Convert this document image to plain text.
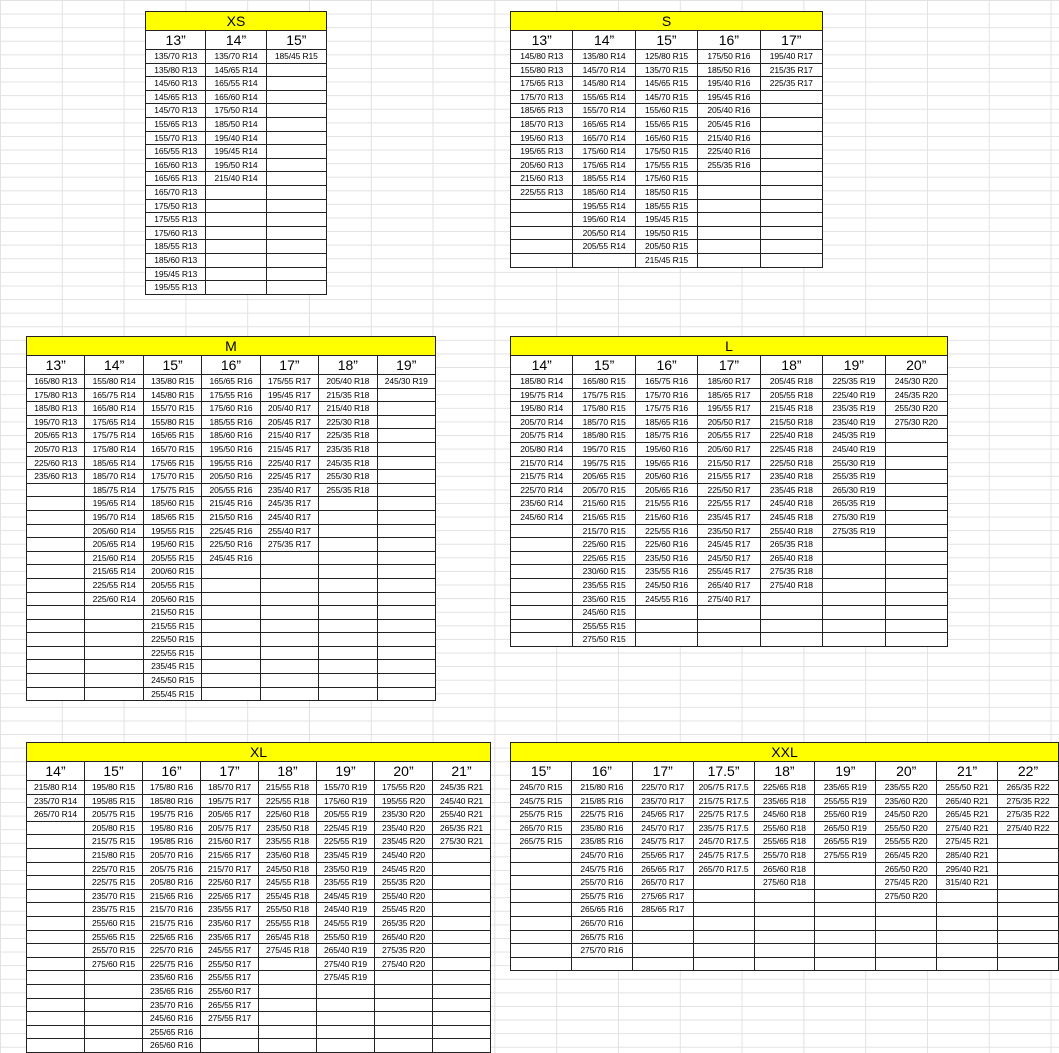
XS		
13”	14”	15”
135/70 R13	135/70 R14	185/45 R15
135/80 R13	145/65 R14	
145/60 R13	165/55 R14	
145/65 R13	165/60 R14	
145/70 R13	175/50 R14	
155/65 R13	185/50 R14	
155/70 R13	195/40 R14	
165/55 R13	195/45 R14	
165/60 R13	195/50 R14	
165/65 R13	215/40 R14	
165/70 R13		
175/50 R13		
175/55 R13		
175/60 R13		
185/55 R13		
185/60 R13		
195/45 R13		
195/55 R13		
S				
13”	14”	15”	16”	17”
145/80 R13	135/80 R14	125/80 R15	175/50 R16	195/40 R17
155/80 R13	145/70 R14	135/70 R15	185/50 R16	215/35 R17
175/65 R13	145/80 R14	145/65 R15	195/40 R16	225/35 R17
175/70 R13	155/65 R14	145/70 R15	195/45 R16	
185/65 R13	155/70 R14	155/60 R15	205/40 R16	
185/70 R13	165/65 R14	155/65 R15	205/45 R16	
195/60 R13	165/70 R14	165/60 R15	215/40 R16	
195/65 R13	175/60 R14	175/50 R15	225/40 R16	
205/60 R13	175/65 R14	175/55 R15	255/35 R16	
215/60 R13	185/55 R14	175/60 R15		
225/55 R13	185/60 R14	185/50 R15		
	195/55 R14	185/55 R15		
	195/60 R14	195/45 R15		
	205/50 R14	195/50 R15		
	205/55 R14	205/50 R15		
		215/45 R15		
M						
13”	14”	15”	16”	17”	18”	19”
165/80 R13	155/80 R14	135/80 R15	165/65 R16	175/55 R17	205/40 R18	245/30 R19
175/80 R13	165/75 R14	145/80 R15	175/55 R16	195/45 R17	215/35 R18	
185/80 R13	165/80 R14	155/70 R15	175/60 R16	205/40 R17	215/40 R18	
195/70 R13	175/65 R14	155/80 R15	185/55 R16	205/45 R17	225/30 R18	
205/65 R13	175/75 R14	165/65 R15	185/60 R16	215/40 R17	225/35 R18	
205/70 R13	175/80 R14	165/70 R15	195/50 R16	215/45 R17	235/35 R18	
225/60 R13	185/65 R14	175/65 R15	195/55 R16	225/40 R17	245/35 R18	
235/60 R13	185/70 R14	175/70 R15	205/50 R16	225/45 R17	255/30 R18	
	185/75 R14	175/75 R15	205/55 R16	235/40 R17	255/35 R18	
	195/65 R14	185/60 R15	215/45 R16	245/35 R17		
	195/70 R14	185/65 R15	215/50 R16	245/40 R17		
	205/60 R14	195/55 R15	225/45 R16	255/40 R17		
	205/65 R14	195/60 R15	225/50 R16	275/35 R17		
	215/60 R14	205/55 R15	245/45 R16			
	215/65 R14	200/60 R15				
	225/55 R14	205/55 R15				
	225/60 R14	205/60 R15				
		215/50 R15				
		215/55 R15				
		225/50 R15				
		225/55 R15				
		235/45 R15				
		245/50 R15				
		255/45 R15				
L						
14”	15”	16”	17”	18”	19”	20”
185/80 R14	165/80 R15	165/75 R16	185/60 R17	205/45 R18	225/35 R19	245/30 R20
195/75 R14	175/75 R15	175/70 R16	185/65 R17	205/55 R18	225/40 R19	245/35 R20
195/80 R14	175/80 R15	175/75 R16	195/55 R17	215/45 R18	235/35 R19	255/30 R20
205/70 R14	185/70 R15	185/65 R16	205/50 R17	215/50 R18	235/40 R19	275/30 R20
205/75 R14	185/80 R15	185/75 R16	205/55 R17	225/40 R18	245/35 R19	
205/80 R14	195/70 R15	195/60 R16	205/60 R17	225/45 R18	245/40 R19	
215/70 R14	195/75 R15	195/65 R16	215/50 R17	225/50 R18	255/30 R19	
215/75 R14	205/65 R15	205/60 R16	215/55 R17	235/40 R18	255/35 R19	
225/70 R14	205/70 R15	205/65 R16	225/50 R17	235/45 R18	265/30 R19	
235/60 R14	215/60 R15	215/55 R16	225/55 R17	245/40 R18	265/35 R19	
245/60 R14	215/65 R15	215/60 R16	235/45 R17	245/45 R18	275/30 R19	
	215/70 R15	225/55 R16	235/50 R17	255/40 R18	275/35 R19	
	225/60 R15	225/60 R16	245/45 R17	265/35 R18		
	225/65 R15	235/50 R16	245/50 R17	265/40 R18		
	230/60 R15	235/55 R16	255/45 R17	275/35 R18		
	235/55 R15	245/50 R16	265/40 R17	275/40 R18		
	235/60 R15	245/55 R16	275/40 R17			
	245/60 R15					
	255/55 R15					
	275/50 R15					
XL							
14”	15”	16”	17”	18”	19”	20”	21”
215/80 R14	195/80 R15	175/80 R16	185/70 R17	215/55 R18	155/70 R19	175/55 R20	245/35 R21
235/70 R14	195/85 R15	185/80 R16	195/75 R17	225/55 R18	175/60 R19	195/55 R20	245/40 R21
265/70 R14	205/75 R15	195/75 R16	205/65 R17	225/60 R18	205/55 R19	235/30 R20	255/40 R21
	205/80 R15	195/80 R16	205/75 R17	235/50 R18	225/45 R19	235/40 R20	265/35 R21
	215/75 R15	195/85 R16	215/60 R17	235/55 R18	225/55 R19	235/45 R20	275/30 R21
	215/80 R15	205/70 R16	215/65 R17	235/60 R18	235/45 R19	245/40 R20	
	225/70 R15	205/75 R16	215/70 R17	245/50 R18	235/50 R19	245/45 R20	
	225/75 R15	205/80 R16	225/60 R17	245/55 R18	235/55 R19	255/35 R20	
	235/70 R15	215/65 R16	225/65 R17	255/45 R18	245/45 R19	255/40 R20	
	235/75 R15	215/70 R16	235/55 R17	255/50 R18	245/40 R19	255/45 R20	
	255/60 R15	215/75 R16	235/60 R17	255/55 R18	245/55 R19	265/35 R20	
	255/65 R15	225/65 R16	235/65 R17	265/45 R18	255/50 R19	265/40 R20	
	255/70 R15	225/70 R16	245/55 R17	275/45 R18	265/40 R19	275/35 R20	
	275/60 R15	225/75 R16	255/50 R17		275/40 R19	275/40 R20	
		235/60 R16	255/55 R17		275/45 R19		
		235/65 R16	255/60 R17				
		235/70 R16	265/55 R17				
		245/60 R16	275/55 R17				
		255/65 R16					
		265/60 R16					
XXL								
15”	16”	17”	17.5”	18”	19”	20”	21”	22”
245/70 R15	215/80 R16	225/70 R17	205/75 R17.5	225/65 R18	235/65 R19	235/55 R20	255/50 R21	265/35 R22
245/75 R15	215/85 R16	235/70 R17	215/75 R17.5	235/65 R18	255/55 R19	235/60 R20	265/40 R21	275/35 R22
255/75 R15	225/75 R16	245/65 R17	225/75 R17.5	245/60 R18	255/60 R19	245/50 R20	265/45 R21	275/35 R22
265/70 R15	235/80 R16	245/70 R17	235/75 R17.5	255/60 R18	265/50 R19	255/50 R20	275/40 R21	275/40 R22
265/75 R15	235/85 R16	245/75 R17	245/70 R17.5	255/65 R18	265/55 R19	255/55 R20	275/45 R21	
	245/70 R16	255/65 R17	245/75 R17.5	255/70 R18	275/55 R19	265/45 R20	285/40 R21	
	245/75 R16	265/65 R17	265/70 R17.5	265/60 R18		265/50 R20	295/40 R21	
	255/70 R16	265/70 R17		275/60 R18		275/45 R20	315/40 R21	
	255/75 R16	275/65 R17				275/50 R20		
	265/65 R16	285/65 R17						
	265/70 R16							
	265/75 R16							
	275/70 R16							
